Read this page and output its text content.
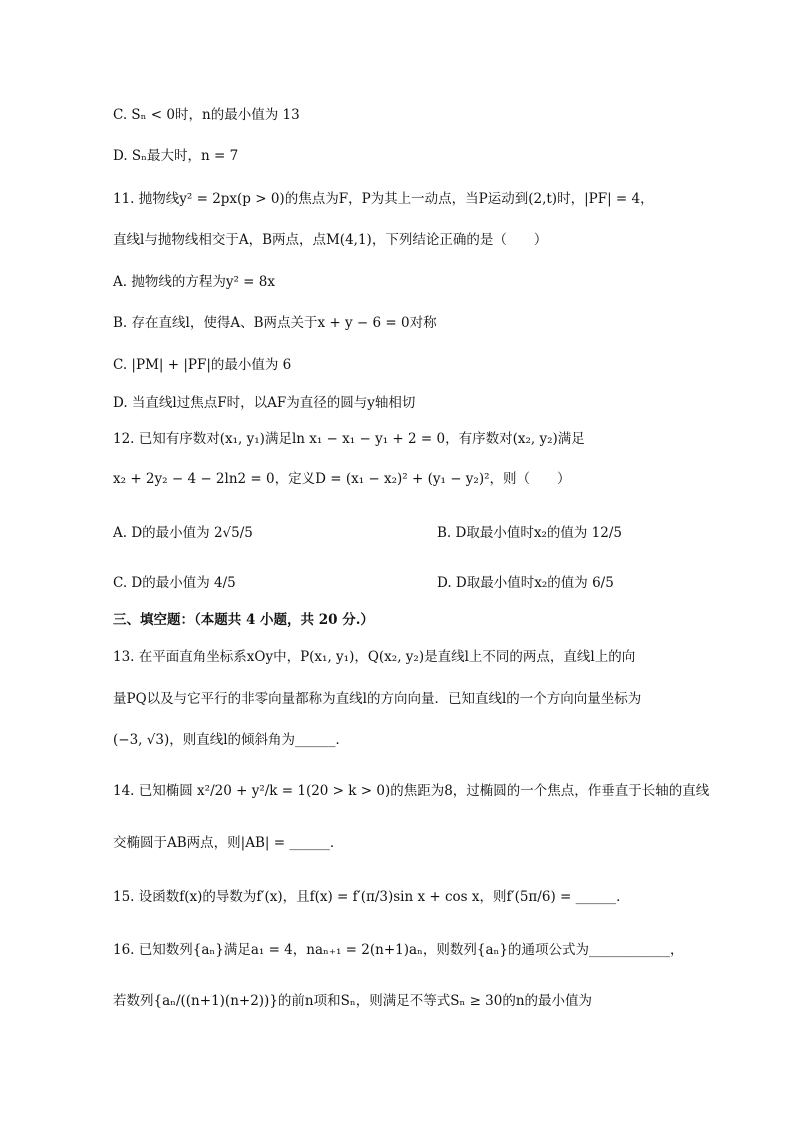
C. Sₙ < 0时，n的最小值为 13
D. Sₙ最大时，n = 7
11. 抛物线y² = 2px(p > 0)的焦点为F，P为其上一动点，当P运动到(2,t)时，|PF| = 4，
直线l与抛物线相交于A，B两点，点M(4,1)，下列结论正确的是（　　）
A. 抛物线的方程为y² = 8x
B. 存在直线l，使得A、B两点关于x + y − 6 = 0对称
C. |PM| + |PF|的最小值为 6
D. 当直线l过焦点F时，以AF为直径的圆与y轴相切
12. 已知有序数对(x₁, y₁)满足ln x₁ − x₁ − y₁ + 2 = 0，有序数对(x₂, y₂)满足
x₂ + 2y₂ − 4 − 2ln2 = 0，定义D = (x₁ − x₂)² + (y₁ − y₂)²，则（　　）
A. D的最小值为 2√5/5	B. D取最小值时x₂的值为 12/5
C. D的最小值为 4/5	D. D取最小值时x₂的值为 6/5
三、填空题：（本题共 4 小题，共 20 分.）
13. 在平面直角坐标系xOy中，P(x₁, y₁)，Q(x₂, y₂)是直线l上不同的两点，直线l上的向
量PQ以及与它平行的非零向量都称为直线l的方向向量．已知直线l的一个方向向量坐标为
(−3, √3)，则直线l的倾斜角为______．
14. 已知椭圆 x²/20 + y²/k = 1(20 > k > 0)的焦距为8，过椭圆的一个焦点，作垂直于长轴的直线
交椭圆于AB两点，则|AB| = ______．
15. 设函数f(x)的导数为f′(x)，且f(x) = f′(π/3)sin x + cos x，则f′(5π/6) = ______．
16. 已知数列{aₙ}满足a₁ = 4，naₙ₊₁ = 2(n+1)aₙ，则数列{aₙ}的通项公式为____________，
若数列{aₙ/((n+1)(n+2))}的前n项和Sₙ，则满足不等式Sₙ ≥ 30的n的最小值为
